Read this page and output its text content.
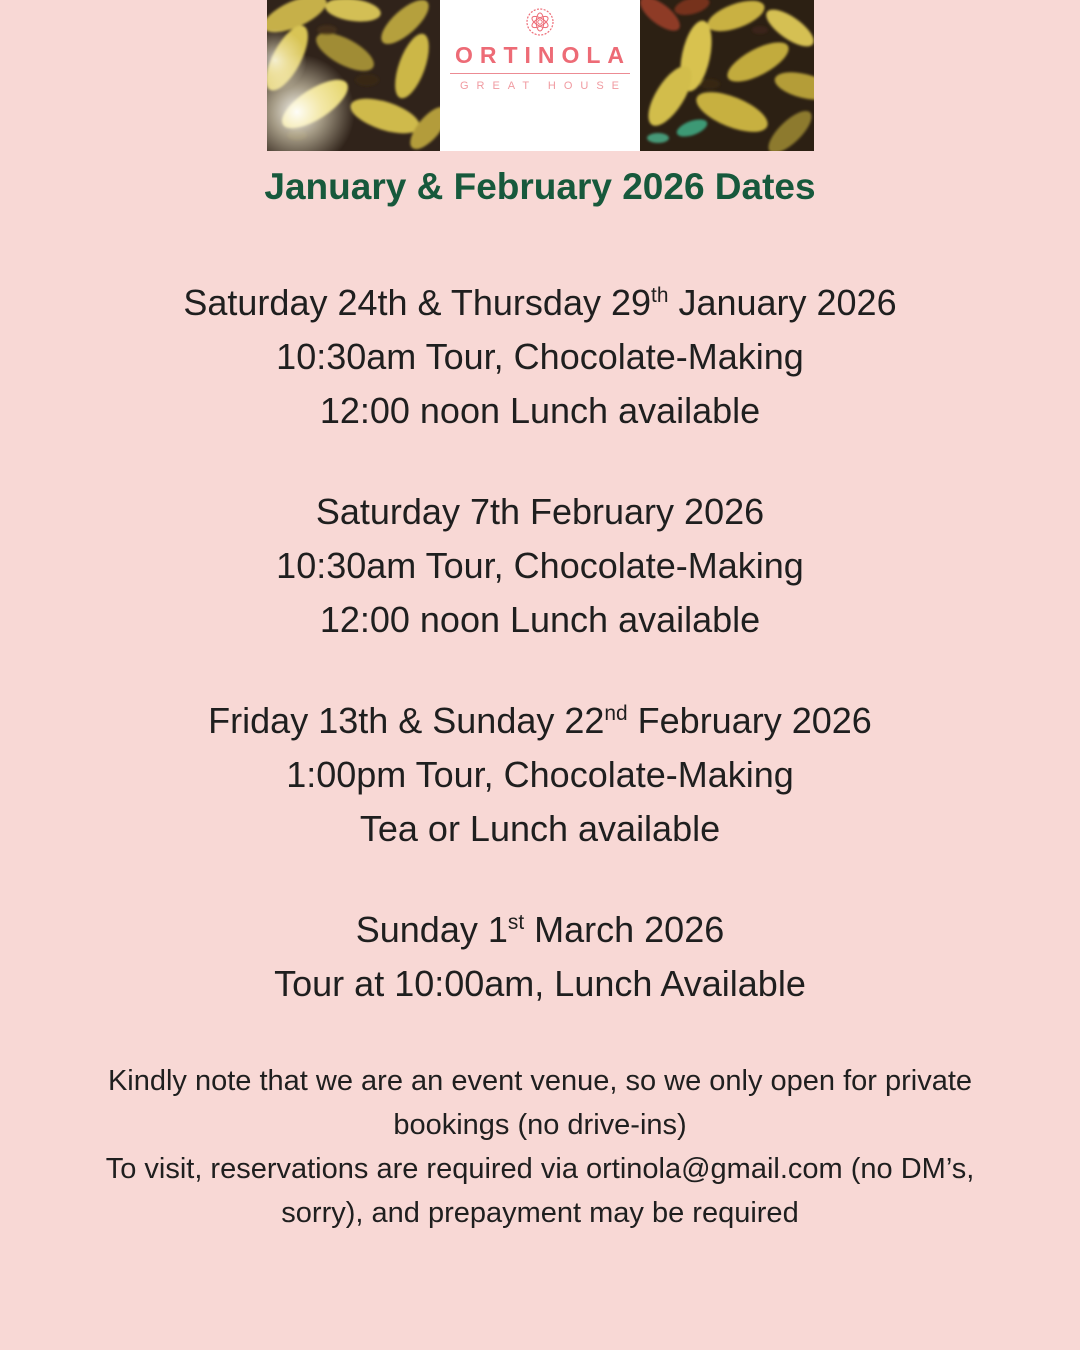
ORTINOLA
GREAT HOUSE
January & February 2026 Dates
Saturday 24th & Thursday 29th January 2026
10:30am Tour, Chocolate-Making
12:00 noon Lunch available
Saturday 7th February 2026
10:30am Tour, Chocolate-Making
12:00 noon Lunch available
Friday 13th & Sunday 22nd February 2026
1:00pm Tour, Chocolate-Making
Tea or Lunch available
Sunday 1st March 2026
Tour at 10:00am, Lunch Available

Kindly note that we are an event venue, so we only open for private bookings (no drive-ins)

To visit, reservations are required via ortinola@gmail.com (no DM’s, sorry), and prepayment may be required
